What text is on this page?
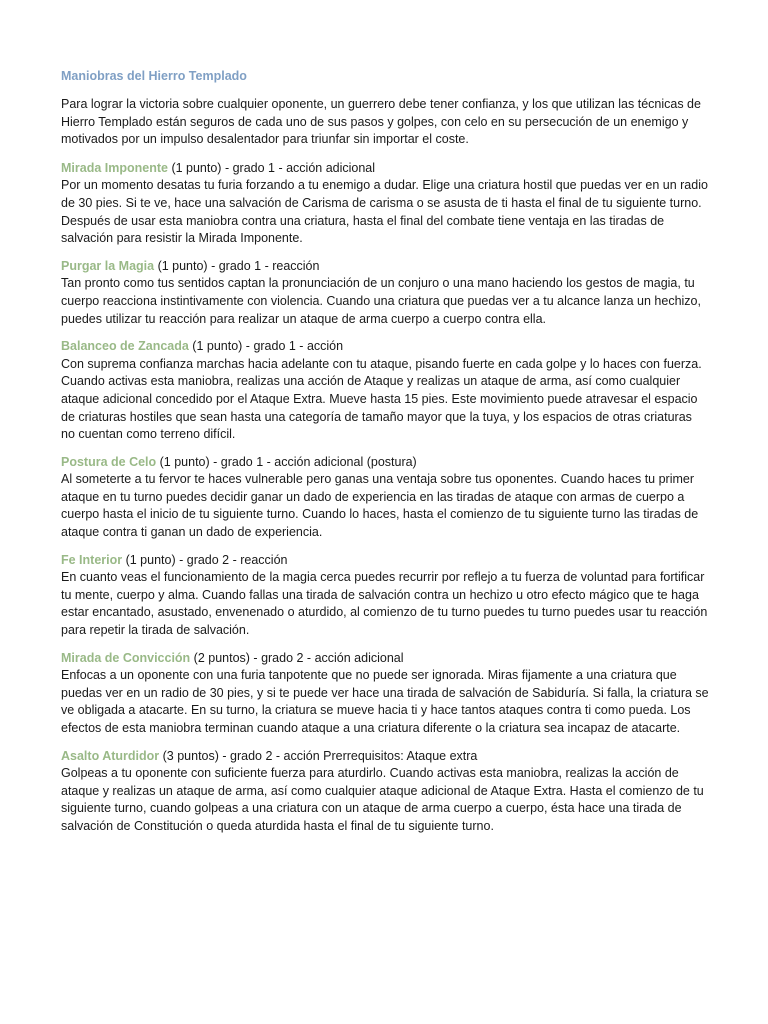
Maniobras del Hierro Templado

Para lograr la victoria sobre cualquier oponente, un guerrero debe tener confianza, y los que utilizan las técnicas de Hierro Templado están seguros de cada uno de sus pasos y golpes, con celo en su persecución de un enemigo y motivados por un impulso desalentador para triunfar sin importar el coste.

Mirada Imponente (1 punto) - grado 1 - acción adicional
Por un momento desatas tu furia forzando a tu enemigo a dudar. Elige una criatura hostil que puedas ver en un radio de 30 pies. Si te ve, hace una salvación de Carisma de carisma o se asusta de ti hasta el final de tu siguiente turno. Después de usar esta maniobra contra una criatura, hasta el final del combate tiene ventaja en las tiradas de salvación para resistir la Mirada Imponente.
Purgar la Magia (1 punto) - grado 1 - reacción
Tan pronto como tus sentidos captan la pronunciación de un conjuro o una mano haciendo los gestos de magia, tu cuerpo reacciona instintivamente con violencia. Cuando una criatura que puedas ver a tu alcance lanza un hechizo, puedes utilizar tu reacción para realizar un ataque de arma cuerpo a cuerpo contra ella.
Balanceo de Zancada (1 punto) - grado 1 - acción
Con suprema confianza marchas hacia adelante con tu ataque, pisando fuerte en cada golpe y lo haces con fuerza. Cuando activas esta maniobra, realizas una acción de Ataque y realizas un ataque de arma, así como cualquier ataque adicional concedido por el Ataque Extra. Mueve hasta 15 pies. Este movimiento puede atravesar el espacio de criaturas hostiles que sean hasta una categoría de tamaño mayor que la tuya, y los espacios de otras criaturas no cuentan como terreno difícil.
Postura de Celo (1 punto) - grado 1 - acción adicional (postura)
Al someterte a tu fervor te haces vulnerable pero ganas una ventaja sobre tus oponentes. Cuando haces tu primer ataque en tu turno puedes decidir ganar un dado de experiencia en las tiradas de ataque con armas de cuerpo a cuerpo hasta el inicio de tu siguiente turno. Cuando lo haces, hasta el comienzo de tu siguiente turno las tiradas de ataque contra ti ganan un dado de experiencia.
Fe Interior (1 punto) - grado 2 - reacción
En cuanto veas el funcionamiento de la magia cerca puedes recurrir por reflejo a tu fuerza de voluntad para fortificar tu mente, cuerpo y alma. Cuando fallas una tirada de salvación contra un hechizo u otro efecto mágico que te haga estar encantado, asustado, envenenado o aturdido, al comienzo de tu turno puedes tu turno puedes usar tu reacción para repetir la tirada de salvación.
Mirada de Convicción (2 puntos) - grado 2 - acción adicional
Enfocas a un oponente con una furia tanpotente que no puede ser ignorada. Miras fijamente a una criatura que puedas ver en un radio de 30 pies, y si te puede ver hace una tirada de salvación de Sabiduría. Si falla, la criatura se ve obligada a atacarte. En su turno, la criatura se mueve hacia ti y hace tantos ataques contra ti como pueda. Los efectos de esta maniobra terminan cuando ataque a una criatura diferente o la criatura sea incapaz de atacarte.
Asalto Aturdidor (3 puntos) - grado 2 - acción Prerrequisitos: Ataque extra
Golpeas a tu oponente con suficiente fuerza para aturdirlo. Cuando activas esta maniobra, realizas la acción de ataque y realizas un ataque de arma, así como cualquier ataque adicional de Ataque Extra. Hasta el comienzo de tu siguiente turno, cuando golpeas a una criatura con un ataque de arma cuerpo a cuerpo, ésta hace una tirada de salvación de Constitución o queda aturdida hasta el final de tu siguiente turno.
